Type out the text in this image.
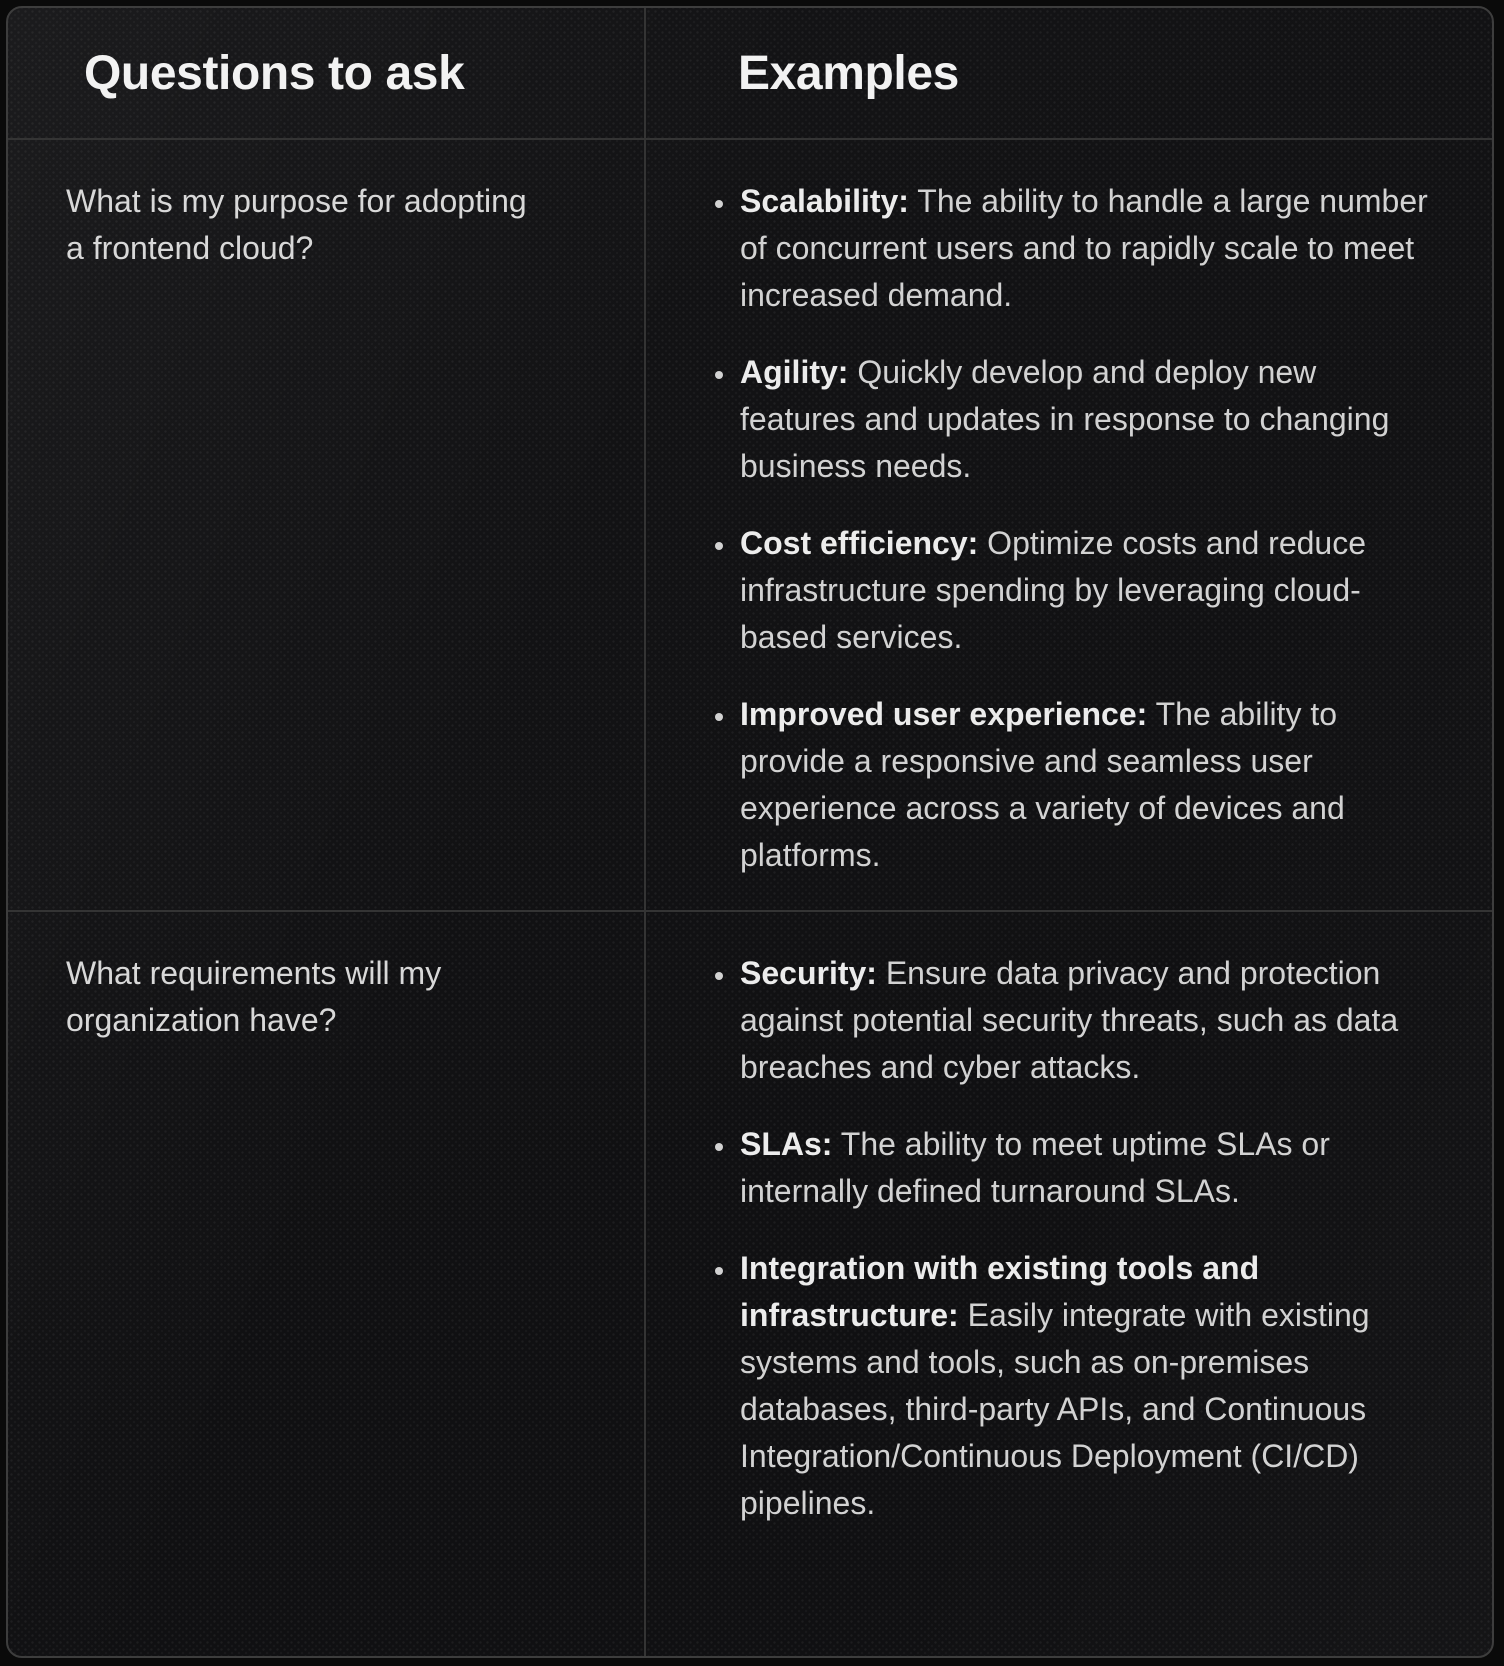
Questions to ask	Examples

What is my purpose for adopting a frontend cloud?

• Scalability: The ability to handle a large number of concurrent users and to rapidly scale to meet increased demand.
• Agility: Quickly develop and deploy new features and updates in response to changing business needs.
• Cost efficiency: Optimize costs and reduce infrastructure spending by leveraging cloud-based services.
• Improved user experience: The ability to provide a responsive and seamless user experience across a variety of devices and platforms.

What requirements will my organization have?

• Security: Ensure data privacy and protection against potential security threats, such as data breaches and cyber attacks.
• SLAs: The ability to meet uptime SLAs or internally defined turnaround SLAs.
• Integration with existing tools and infrastructure: Easily integrate with existing systems and tools, such as on-premises databases, third-party APIs, and Continuous Integration/Continuous Deployment (CI/CD) pipelines.
